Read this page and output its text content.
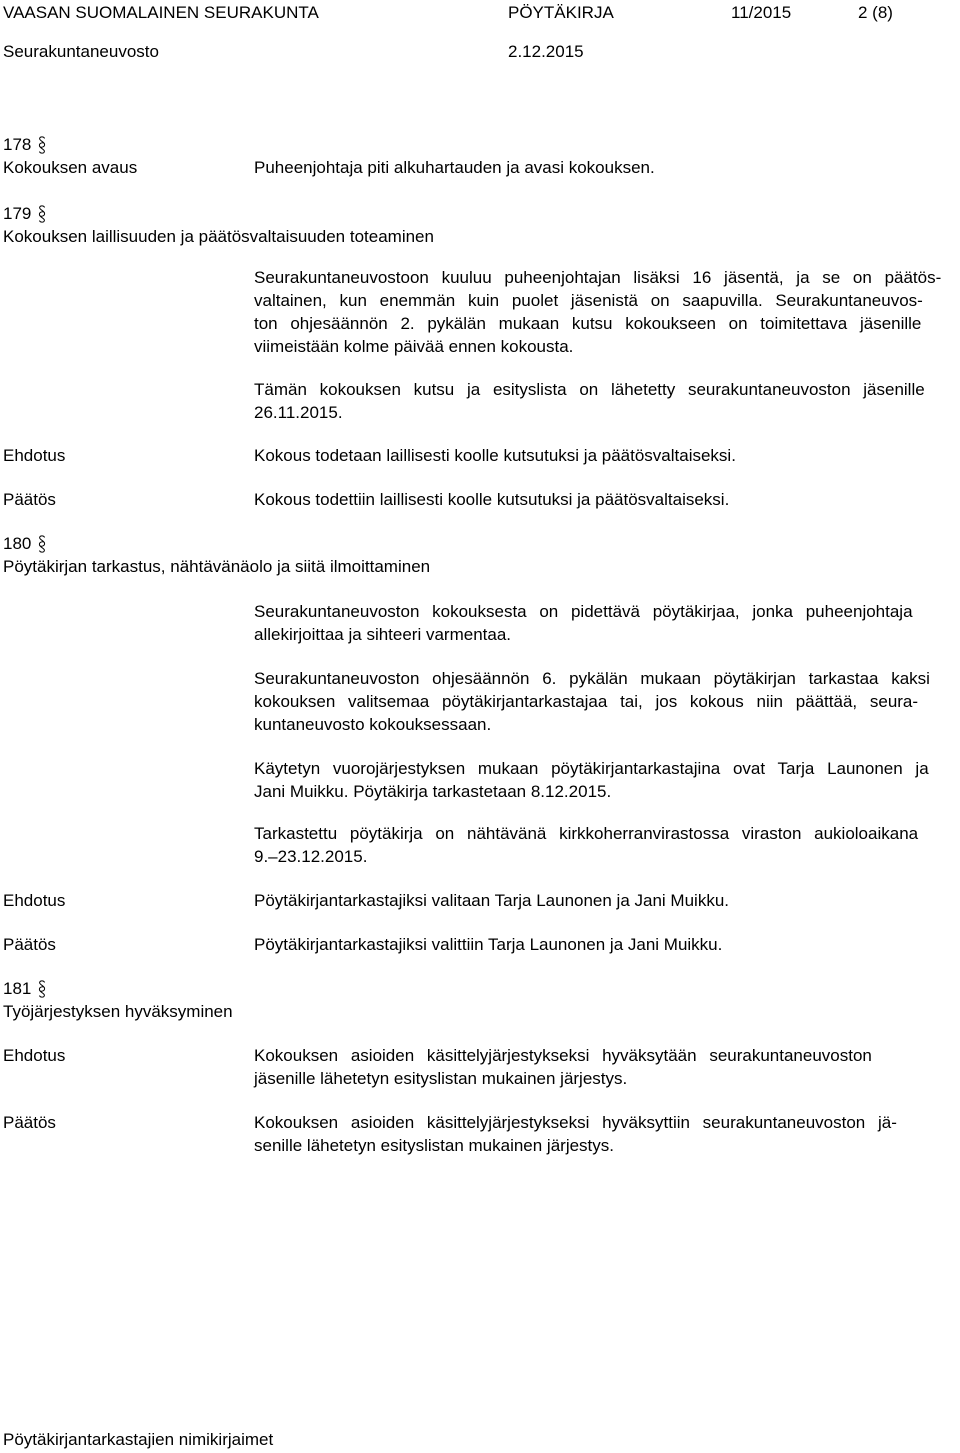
VAASAN SUOMALAINEN SEURAKUNTA	PÖYTÄKIRJA	11/2015	2 (8)
Seurakuntaneuvosto	2.12.2015
178
Kokouksen avaus	Puheenjohtaja piti alkuhartauden ja avasi kokouksen.
179
Kokouksen laillisuuden ja päätösvaltaisuuden toteaminen
Seurakuntaneuvostoon kuuluu puheenjohtajan lisäksi 16 jäsentä, ja se on päätös-
valtainen, kun enemmän kuin puolet jäsenistä on saapuvilla. Seurakuntaneuvos-
ton ohjesäännön 2. pykälän mukaan kutsu kokoukseen on toimitettava jäsenille
viimeistään kolme päivää ennen kokousta.
Tämän kokouksen kutsu ja esityslista on lähetetty seurakuntaneuvoston jäsenille
26.11.2015.
Ehdotus	Kokous todetaan laillisesti koolle kutsutuksi ja päätösvaltaiseksi.
Päätös	Kokous todettiin laillisesti koolle kutsutuksi ja päätösvaltaiseksi.
180
Pöytäkirjan tarkastus, nähtävänäolo ja siitä ilmoittaminen
Seurakuntaneuvoston kokouksesta on pidettävä pöytäkirjaa, jonka puheenjohtaja
allekirjoittaa ja sihteeri varmentaa.
Seurakuntaneuvoston ohjesäännön 6. pykälän mukaan pöytäkirjan tarkastaa kaksi
kokouksen valitsemaa pöytäkirjantarkastajaa tai, jos kokous niin päättää, seura-
kuntaneuvosto kokouksessaan.
Käytetyn vuorojärjestyksen mukaan pöytäkirjantarkastajina ovat Tarja Launonen ja
Jani Muikku. Pöytäkirja tarkastetaan 8.12.2015.
Tarkastettu pöytäkirja on nähtävänä kirkkoherranvirastossa viraston aukioloaikana
9.–23.12.2015.
Ehdotus	Pöytäkirjantarkastajiksi valitaan Tarja Launonen ja Jani Muikku.
Päätös	Pöytäkirjantarkastajiksi valittiin Tarja Launonen ja Jani Muikku.
181
Työjärjestyksen hyväksyminen
Ehdotus	Kokouksen asioiden käsittelyjärjestykseksi hyväksytään seurakuntaneuvoston
jäsenille lähetetyn esityslistan mukainen järjestys.
Päätös	Kokouksen asioiden käsittelyjärjestykseksi hyväksyttiin seurakuntaneuvoston jä-
senille lähetetyn esityslistan mukainen järjestys.
Pöytäkirjantarkastajien nimikirjaimet
